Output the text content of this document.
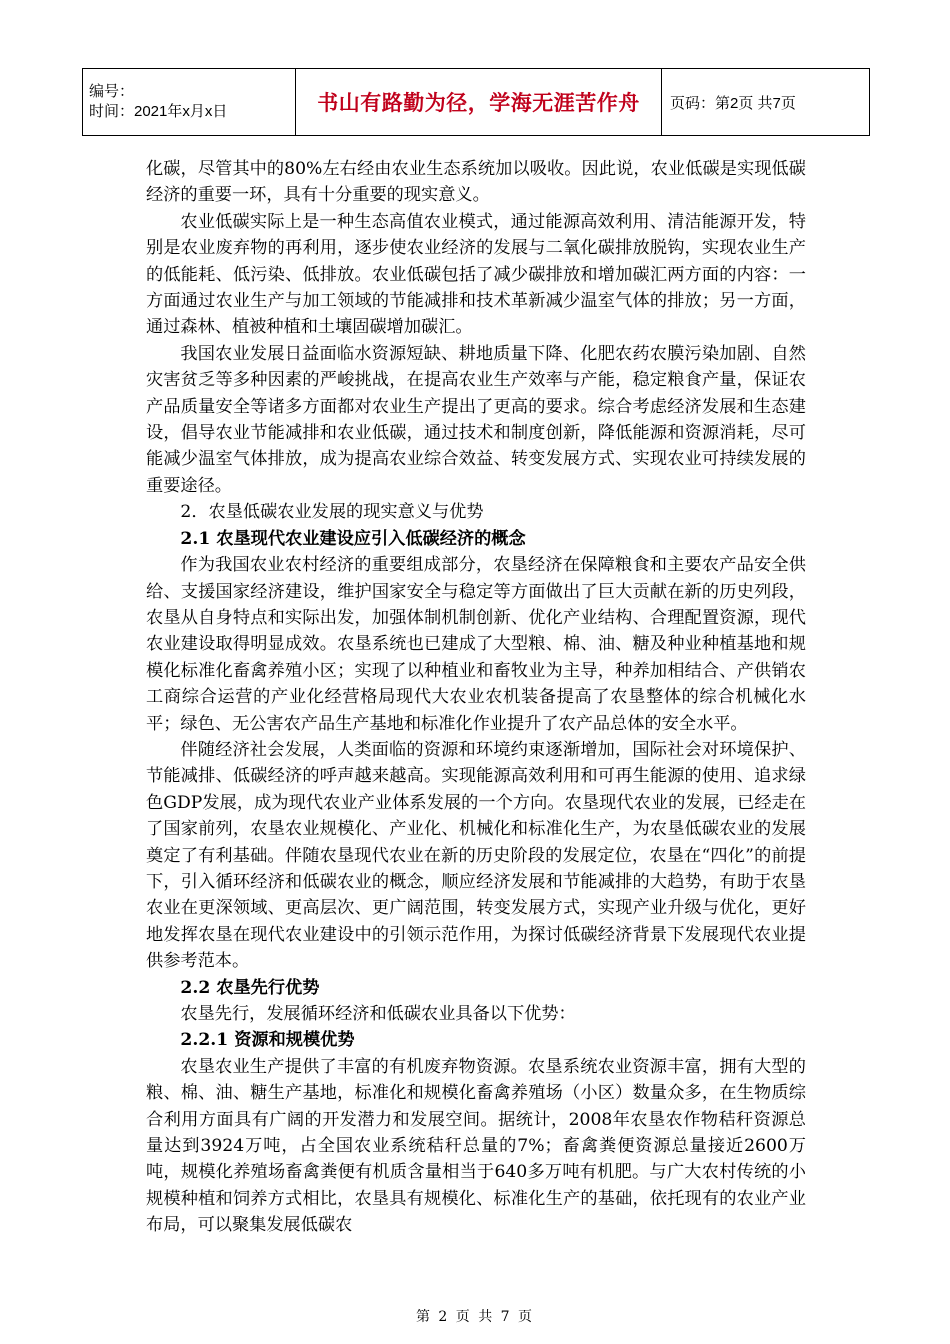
编号：
时间：2021年x月x日	书山有路勤为径，学海无涯苦作舟	页码：第2页 共7页

化碳，尽管其中的80%左右经由农业生态系统加以吸收。因此说，农业低碳是实现低碳经济的重要一环，具有十分重要的现实意义。

农业低碳实际上是一种生态高值农业模式，通过能源高效利用、清洁能源开发，特别是农业废弃物的再利用，逐步使农业经济的发展与二氧化碳排放脱钩，实现农业生产的低能耗、低污染、低排放。农业低碳包括了减少碳排放和增加碳汇两方面的内容：一方面通过农业生产与加工领域的节能减排和技术革新减少温室气体的排放；另一方面，通过森林、植被种植和土壤固碳增加碳汇。

我国农业发展日益面临水资源短缺、耕地质量下降、化肥农药农膜污染加剧、自然灾害贫乏等多种因素的严峻挑战，在提高农业生产效率与产能，稳定粮食产量，保证农产品质量安全等诸多方面都对农业生产提出了更高的要求。综合考虑经济发展和生态建设，倡导农业节能减排和农业低碳，通过技术和制度创新，降低能源和资源消耗，尽可能减少温室气体排放，成为提高农业综合效益、转变发展方式、实现农业可持续发展的重要途径。

2．农垦低碳农业发展的现实意义与优势

2.1 农垦现代农业建设应引入低碳经济的概念

作为我国农业农村经济的重要组成部分，农垦经济在保障粮食和主要农产品安全供给、支援国家经济建设，维护国家安全与稳定等方面做出了巨大贡献在新的历史列段，农垦从自身特点和实际出发，加强体制机制创新、优化产业结构、合理配置资源，现代农业建设取得明显成效。农垦系统也已建成了大型粮、棉、油、糖及种业种植基地和规模化标准化畜禽养殖小区；实现了以种植业和畜牧业为主导，种养加相结合、产供销农工商综合运营的产业化经营格局现代大农业农机装备提高了农垦整体的综合机械化水平；绿色、无公害农产品生产基地和标准化作业提升了农产品总体的安全水平。

伴随经济社会发展，人类面临的资源和环境约束逐渐增加，国际社会对环境保护、节能减排、低碳经济的呼声越来越高。实现能源高效利用和可再生能源的使用、追求绿色GDP发展，成为现代农业产业体系发展的一个方向。农垦现代农业的发展，已经走在了国家前列，农垦农业规模化、产业化、机械化和标准化生产，为农垦低碳农业的发展奠定了有利基础。伴随农垦现代农业在新的历史阶段的发展定位，农垦在“四化”的前提下，引入循环经济和低碳农业的概念，顺应经济发展和节能减排的大趋势，有助于农垦农业在更深领域、更高层次、更广阔范围，转变发展方式，实现产业升级与优化，更好地发挥农垦在现代农业建设中的引领示范作用，为探讨低碳经济背景下发展现代农业提供参考范本。

2.2 农垦先行优势

农垦先行，发展循环经济和低碳农业具备以下优势：

2.2.1 资源和规模优势

农垦农业生产提供了丰富的有机废弃物资源。农垦系统农业资源丰富，拥有大型的粮、棉、油、糖生产基地，标准化和规模化畜禽养殖场（小区）数量众多，在生物质综合利用方面具有广阔的开发潜力和发展空间。据统计，2008年农垦农作物秸秆资源总量达到3924万吨，占全国农业系统秸秆总量的7%；畜禽粪便资源总量接近2600万吨，规模化养殖场畜禽粪便有机质含量相当于640多万吨有机肥。与广大农村传统的小规模种植和饲养方式相比，农垦具有规模化、标准化生产的基础，依托现有的农业产业布局，可以聚集发展低碳农

第 2 页 共 7 页
